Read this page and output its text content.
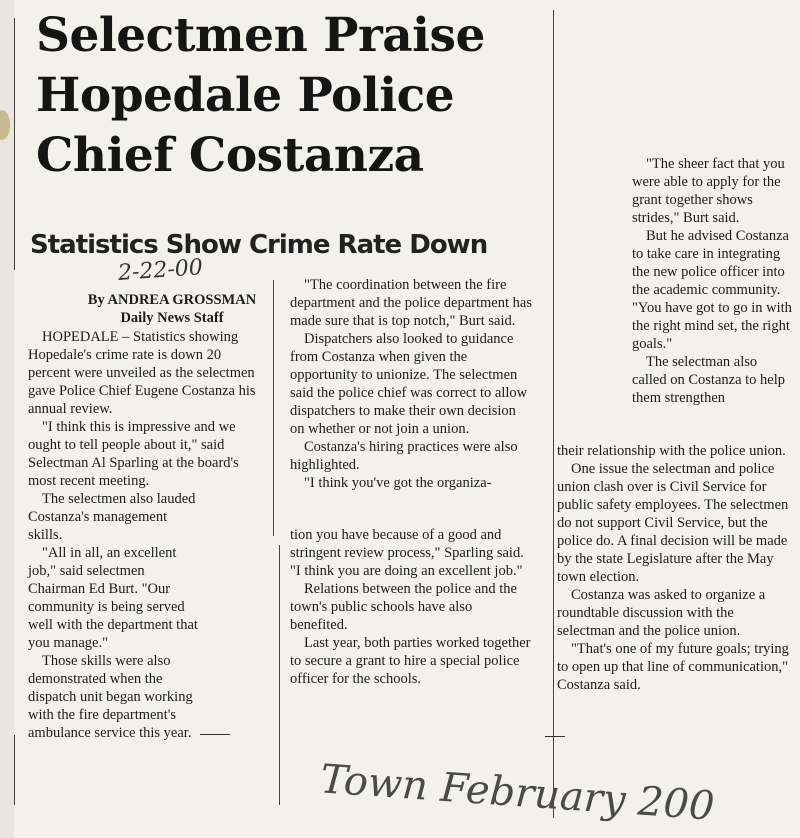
Selectmen Praise Hopedale Police Chief Costanza
Statistics Show Crime Rate Down
2-22-00
By ANDREA GROSSMAN
Daily News Staff

HOPEDALE – Statistics showing Hopedale's crime rate is down 20 percent were unveiled as the selectmen gave Police Chief Eugene Costanza his annual review.

"I think this is impressive and we ought to tell people about it," said Selectman Al Sparling at the board's most recent meeting.

The selectmen also lauded Costanza's management skills.

"All in all, an excellent job," said selectmen Chairman Ed Burt. "Our community is being served well with the department that you manage."

Those skills were also demonstrated when the dispatch unit began working with the fire department's ambulance service this year.

"The coordination between the fire department and the police department has made sure that is top notch," Burt said.

Dispatchers also looked to guidance from Costanza when given the opportunity to unionize. The selectmen said the police chief was correct to allow dispatchers to make their own decision on whether or not join a union.

Costanza's hiring practices were also highlighted.

"I think you've got the organiza-

tion you have because of a good and stringent review process," Sparling said. "I think you are doing an excellent job."

Relations between the police and the town's public schools have also benefited.

Last year, both parties worked together to secure a grant to hire a special police officer for the schools.

"The sheer fact that you were able to apply for the grant together shows strides," Burt said.

But he advised Costanza to take care in integrating the new police officer into the academic community. "You have got to go in with the right mind set, the right goals."

The selectman also called on Costanza to help them strengthen

their relationship with the police union.

One issue the selectman and police union clash over is Civil Service for public safety employees. The selectmen do not support Civil Service, but the police do. A final decision will be made by the state Legislature after the May town election.

Costanza was asked to organize a roundtable discussion with the selectman and the police union.

"That's one of my future goals; trying to open up that line of communication," Costanza said.

Town February 200
